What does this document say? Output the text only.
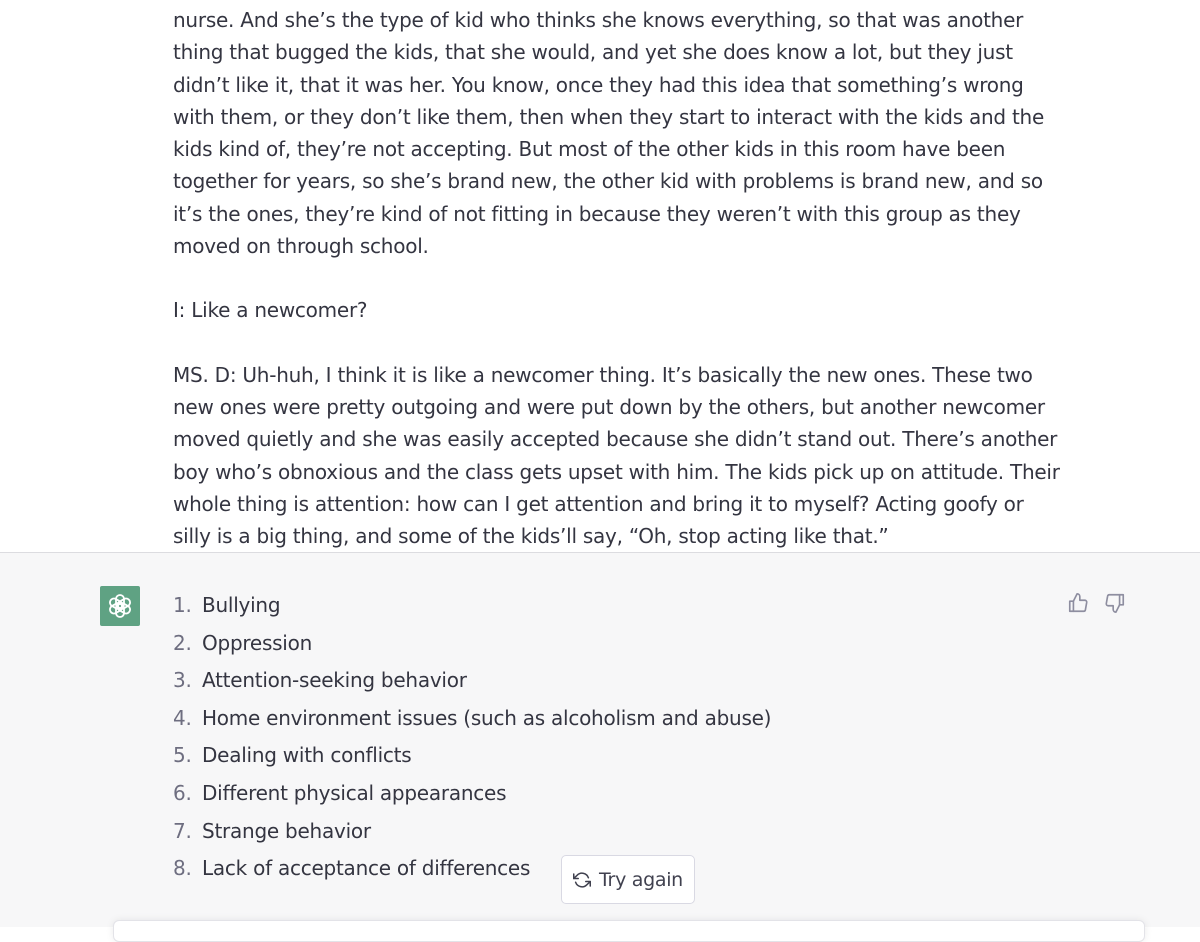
nurse. And she’s the type of kid who thinks she knows everything, so that was another thing that bugged the kids, that she would, and yet she does know a lot, but they just didn’t like it, that it was her. You know, once they had this idea that something’s wrong with them, or they don’t like them, then when they start to interact with the kids and the kids kind of, they’re not accepting. But most of the other kids in this room have been together for years, so she’s brand new, the other kid with problems is brand new, and so it’s the ones, they’re kind of not fitting in because they weren’t with this group as they moved on through school.

I: Like a newcomer?

MS. D: Uh-huh, I think it is like a newcomer thing. It’s basically the new ones. These two new ones were pretty outgoing and were put down by the others, but another newcomer moved quietly and she was easily accepted because she didn’t stand out. There’s another boy who’s obnoxious and the class gets upset with him. The kids pick up on attitude. Their whole thing is attention: how can I get attention and bring it to myself? Acting goofy or silly is a big thing, and some of the kids’ll say, “Oh, stop acting like that.”

1. Bullying
2. Oppression
3. Attention-seeking behavior
4. Home environment issues (such as alcoholism and abuse)
5. Dealing with conflicts
6. Different physical appearances
7. Strange behavior
8. Lack of acceptance of differences	Try again
